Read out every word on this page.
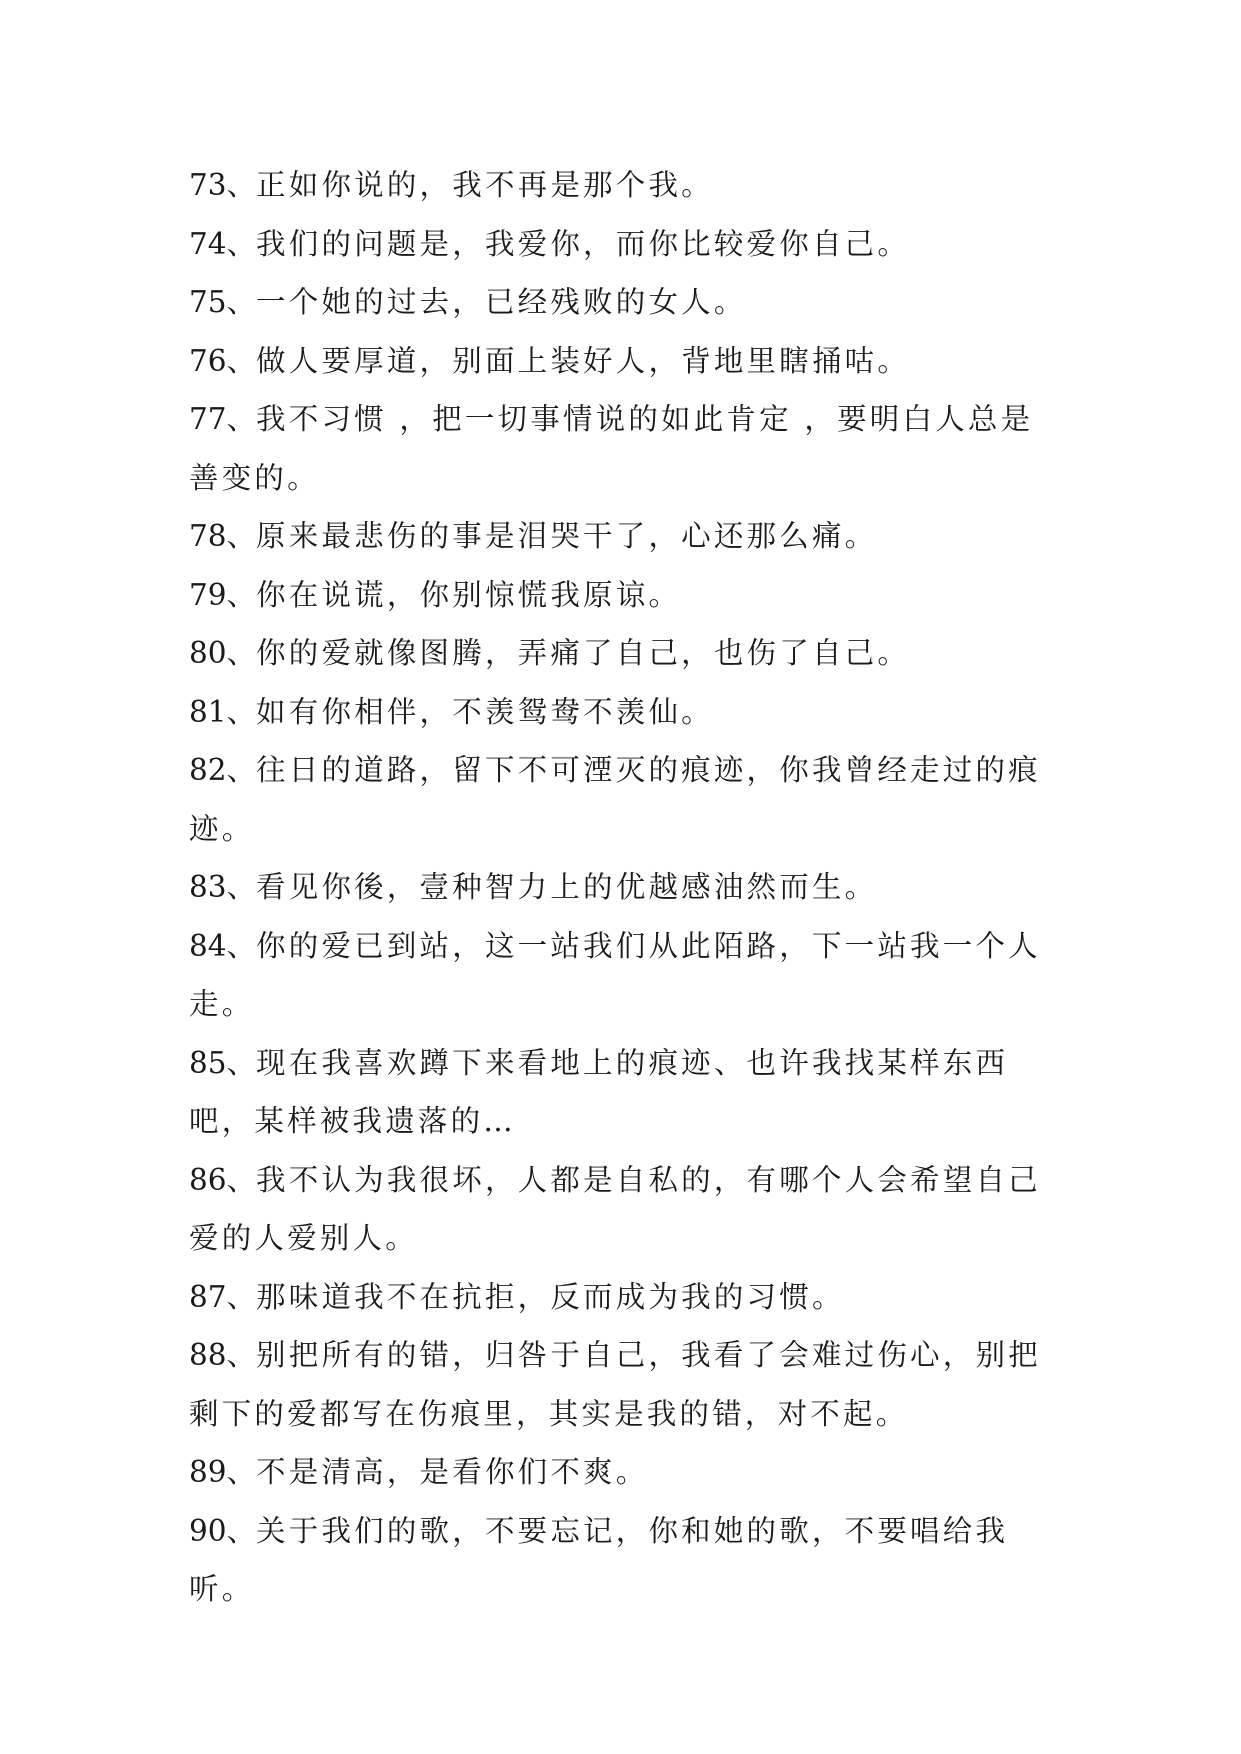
73、正如你说的，我不再是那个我。

74、我们的问题是，我爱你，而你比较爱你自己。

75、一个她的过去，已经残败的女人。

76、做人要厚道，别面上装好人，背地里瞎捅咕。

77、我不习惯 ，把一切事情说的如此肯定 ，要明白人总是善变的。

78、原来最悲伤的事是泪哭干了，心还那么痛。

79、你在说谎，你别惊慌我原谅。

80、你的爱就像图腾，弄痛了自己，也伤了自己。

81、如有你相伴，不羡鸳鸯不羡仙。

82、往日的道路，留下不可湮灭的痕迹，你我曾经走过的痕迹。

83、看见你後，壹种智力上的优越感油然而生。

84、你的爱已到站，这一站我们从此陌路，下一站我一个人走。

85、现在我喜欢蹲下来看地上的痕迹、也许我找某样东西吧，某样被我遗落的…

86、我不认为我很坏，人都是自私的，有哪个人会希望自己爱的人爱别人。

87、那味道我不在抗拒，反而成为我的习惯。

88、别把所有的错，归咎于自己，我看了会难过伤心，别把剩下的爱都写在伤痕里，其实是我的错，对不起。

89、不是清高，是看你们不爽。

90、关于我们的歌，不要忘记，你和她的歌，不要唱给我听。
